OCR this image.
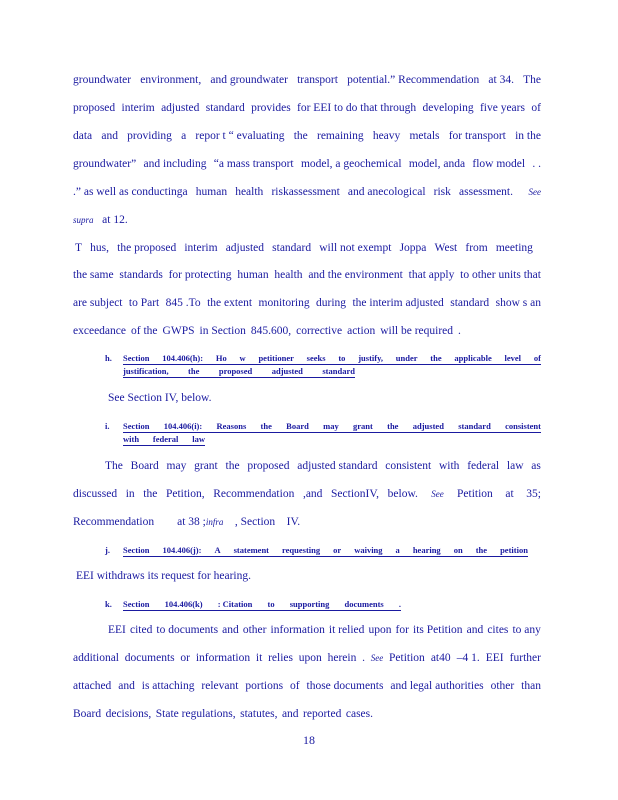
groundwater environment, and groundwater transport potential.” Recommendation at 34. The
proposed interim adjusted standard provides for EEI to do that through developing five years of
data and providing a repor t “ evaluating the remaining heavy metals for transport in the
groundwater” and including “a mass transport model, a geochemical model, anda flow model . .
.” as well as conductinga human health riskassessment and anecological risk assessment. See
supra
at 12.
T hus, the proposed interim adjusted standard will not exempt Joppa West from meeting
the same standards for protecting human health and the environment that apply to other units that
are subject to Part 845 .To the extent monitoring during the interim adjusted standard show s an
exceedance of the GWPS in Section 845.600, corrective action will be required .
h. Section 104.406(h): Ho w petitioner seeks to justify, under the applicable level of
justification, the proposed adjusted standard
See Section IV, below.
i. Section 104.406(i): Reasons the Board may grant the adjusted standard consistent
with federal law
The Board may grant the proposed adjusted standard consistent with federal law as
discussed in the Petition, Recommendation ,and SectionIV, below. See Petition at 35;
Recommendation
at 38 ; infra
, Section
IV.
j. Section 104.406(j): A statement requesting or waiving a hearing on the petition
EEI withdraws its request for hearing.
k. Section 104.406(k) : Citation to supporting documents .
EEI cited to documents and other information it relied upon for its Petition and cites to any
additional documents or information it relies upon herein . See Petition at40 –4 1. EEI further
attached and is attaching relevant portions of those documents and legal authorities other than
Board decisions, State regulations, statutes, and reported cases.
18
